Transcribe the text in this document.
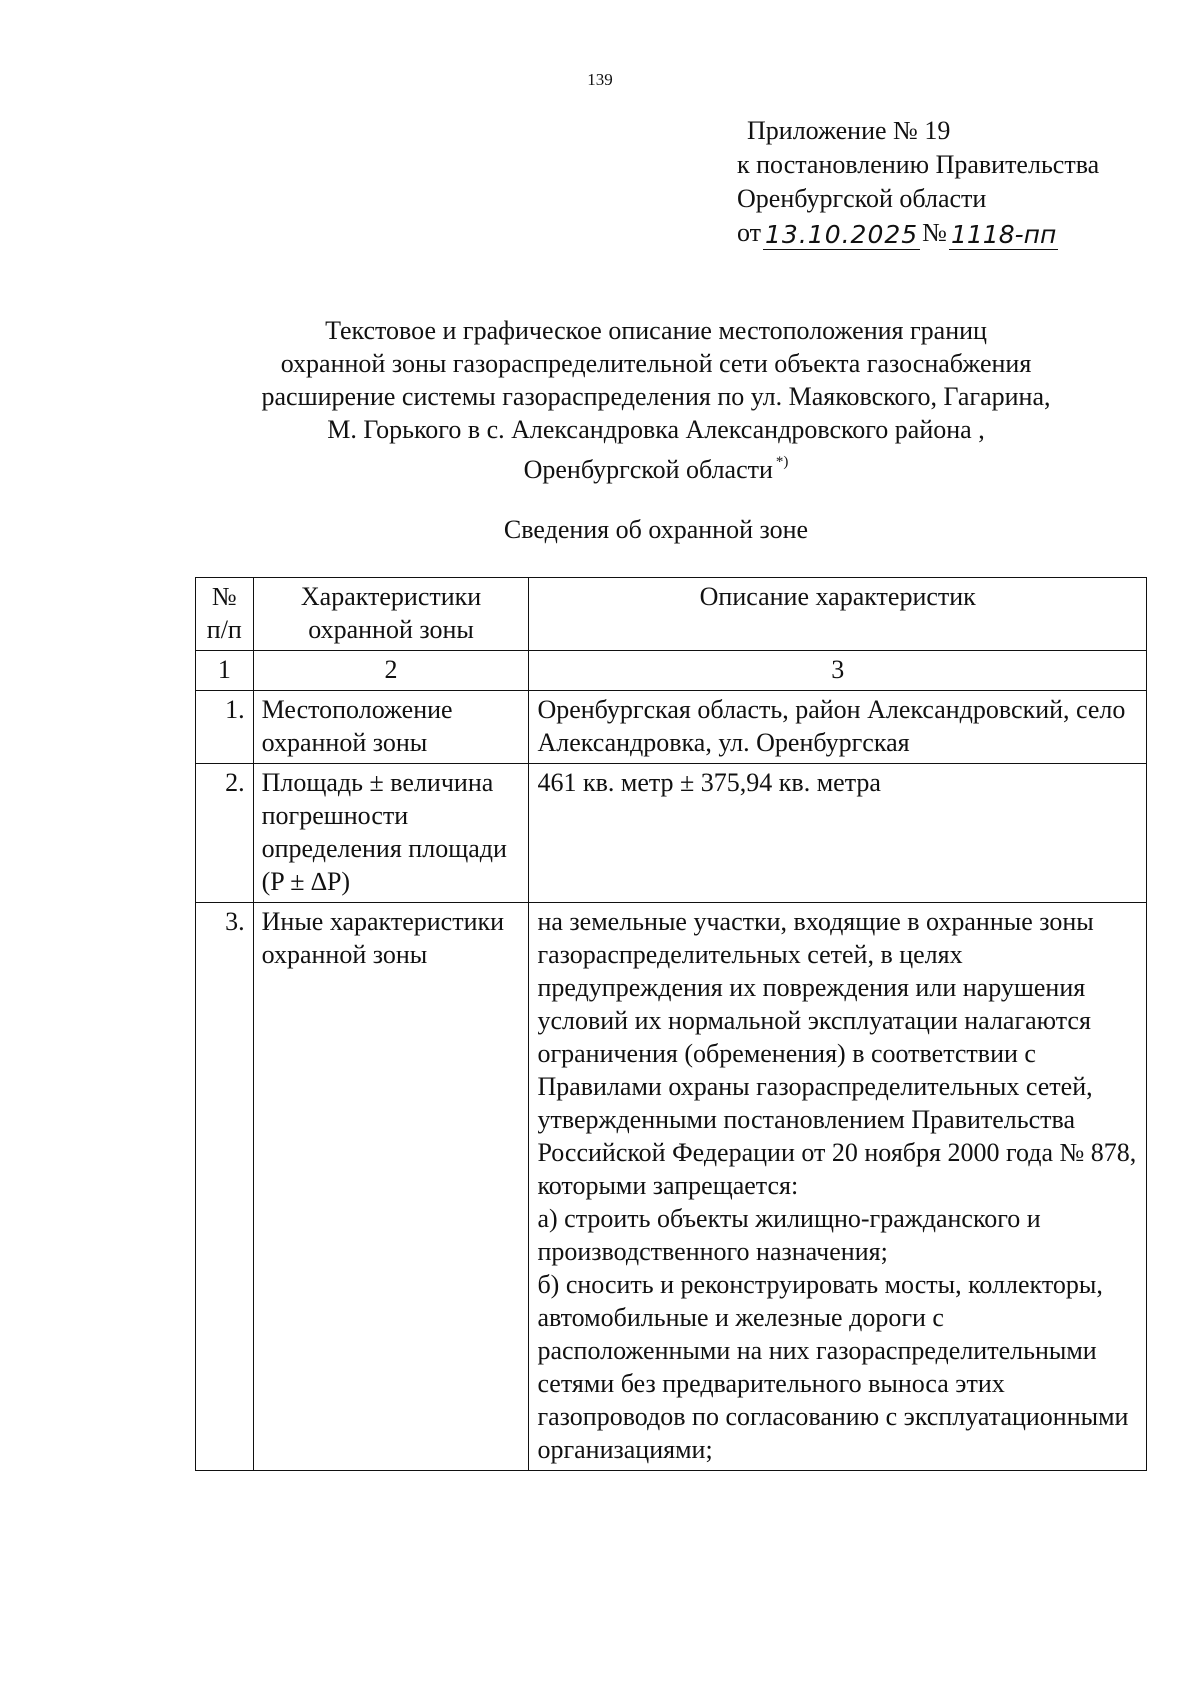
139
Приложение № 19
к постановлению Правительства
Оренбургской области
от 13.10.2025 № 1118-пп
Текстовое и графическое описание местоположения границ
охранной зоны газораспределительной сети объекта газоснабжения
расширение системы газораспределения по ул. Маяковского, Гагарина,
М. Горького в с. Александровка Александровского района ,
Оренбургской области *)
Сведения об охранной зоне
№ п/п	Характеристики охранной зоны	Описание характеристик
1	2	3
1.	Местоположение охранной зоны	Оренбургская область, район Александровский, село Александровка, ул. Оренбургская
2.	Площадь ± величина погрешности определения площади (P ± ∆P)	461 кв. метр ± 375,94 кв. метра
3.	Иные характеристики охранной зоны	на земельные участки, входящие в охранные зоны газораспределительных сетей, в целях предупреждения их повреждения или нарушения условий их нормальной эксплуатации налагаются ограничения (обременения) в соответствии с Правилами охраны газораспределительных сетей, утвержденными постановлением Правительства Российской Федерации от 20 ноября 2000 года № 878, которыми запрещается:
а) строить объекты жилищно-гражданского и производственного назначения;
б) сносить и реконструировать мосты, коллекторы, автомобильные и железные дороги с расположенными на них газораспределительными сетями без предварительного выноса этих газопроводов по согласованию с эксплуатационными организациями;
